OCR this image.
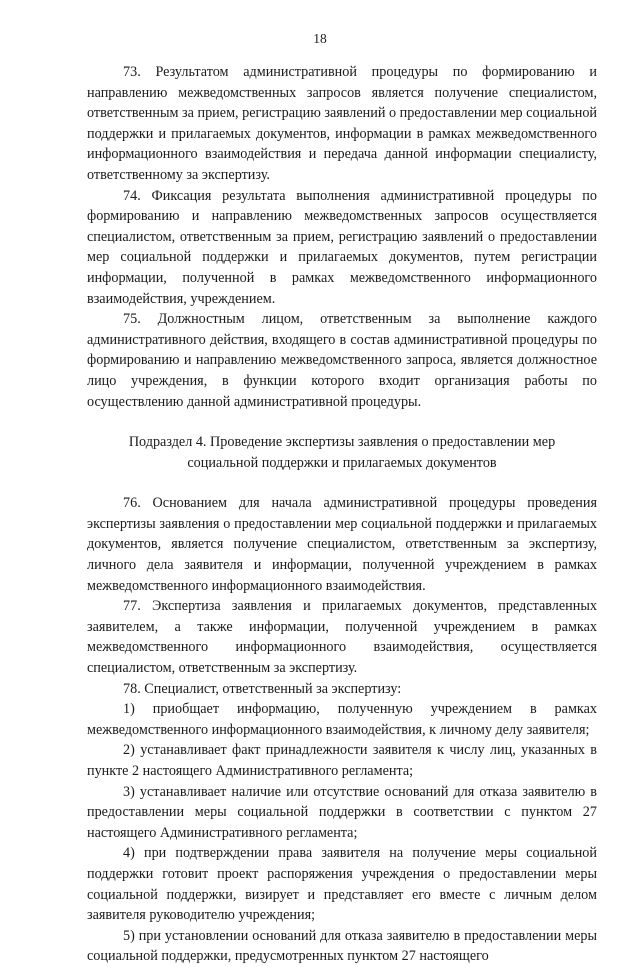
18

73. Результатом административной процедуры по формированию и направлению межведомственных запросов является получение специалистом, ответственным за прием, регистрацию заявлений о предоставлении мер социальной поддержки и прилагаемых документов, информации в рамках межведомственного информационного взаимодействия и передача данной информации специалисту, ответственному за экспертизу.

74. Фиксация результата выполнения административной процедуры по формированию и направлению межведомственных запросов осуществляется специалистом, ответственным за прием, регистрацию заявлений о предоставлении мер социальной поддержки и прилагаемых документов, путем регистрации информации, полученной в рамках межведомственного информационного взаимодействия, учреждением.

75. Должностным лицом, ответственным за выполнение каждого административного действия, входящего в состав административной процедуры по формированию и направлению межведомственного запроса, является должностное лицо учреждения, в функции которого входит организация работы по осуществлению данной административной процедуры.

Подраздел 4. Проведение экспертизы заявления о предоставлении мер
социальной поддержки и прилагаемых документов

76. Основанием для начала административной процедуры проведения экспертизы заявления о предоставлении мер социальной поддержки и прилагаемых документов, является получение специалистом, ответственным за экспертизу, личного дела заявителя и информации, полученной учреждением в рамках межведомственного информационного взаимодействия.

77. Экспертиза заявления и прилагаемых документов, представленных заявителем, а также информации, полученной учреждением в рамках межведомственного информационного взаимодействия, осуществляется специалистом, ответственным за экспертизу.

78. Специалист, ответственный за экспертизу:

1) приобщает информацию, полученную учреждением в рамках межведомственного информационного взаимодействия, к личному делу заявителя;

2) устанавливает факт принадлежности заявителя к числу лиц, указанных в пункте 2 настоящего Административного регламента;

3) устанавливает наличие или отсутствие оснований для отказа заявителю в предоставлении меры социальной поддержки в соответствии с пунктом 27 настоящего Административного регламента;

4) при подтверждении права заявителя на получение меры социальной поддержки готовит проект распоряжения учреждения о предоставлении меры социальной поддержки, визирует и представляет его вместе с личным делом заявителя руководителю учреждения;

5) при установлении оснований для отказа заявителю в предоставлении меры социальной поддержки, предусмотренных пунктом 27 настоящего
